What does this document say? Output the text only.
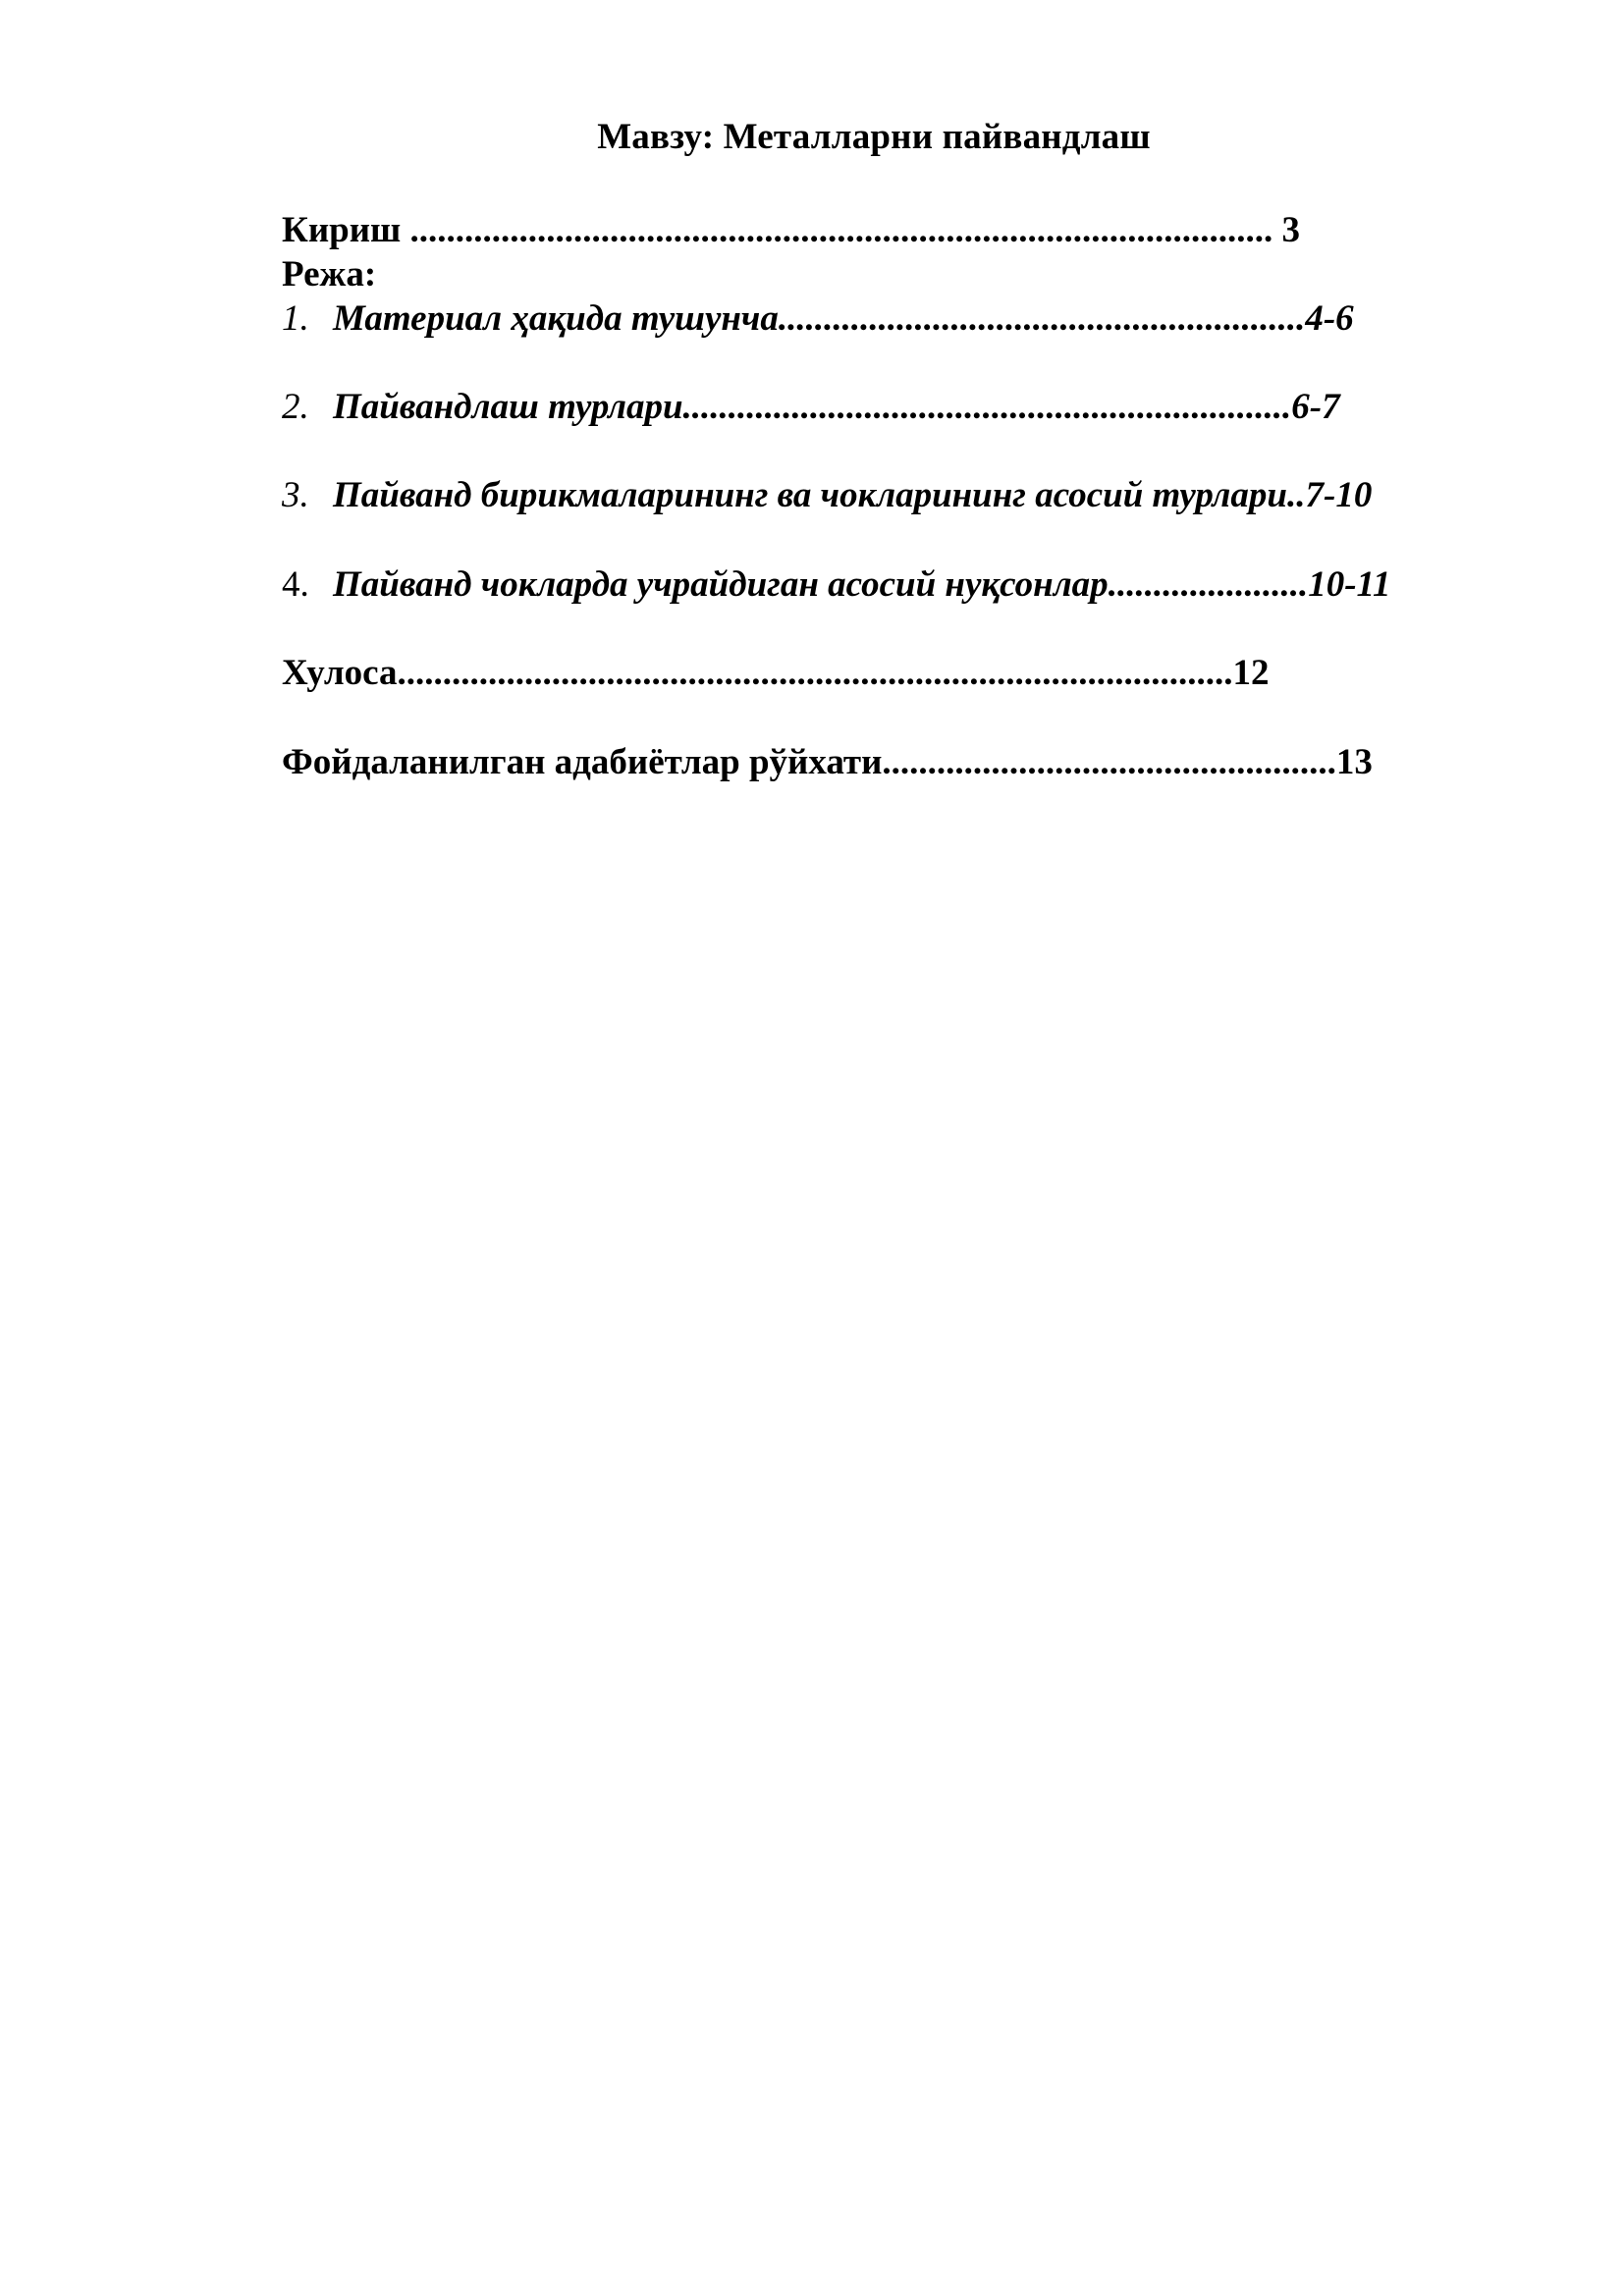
Мавзу: Металларни пайвандлаш
Кириш ............................................................................................... 3
Режа:
1. Материал ҳақида тушунча..........................................................4-6
2. Пайвандлаш турлари...................................................................6-7
3. Пайванд бирикмаларининг ва чокларининг асосий турлари..7-10
4. Пайванд чокларда учрайдиган асосий нуқсонлар......................10-11
Хулоса............................................................................................12
Фойдаланилган адабиётлар рўйхати..................................................13
